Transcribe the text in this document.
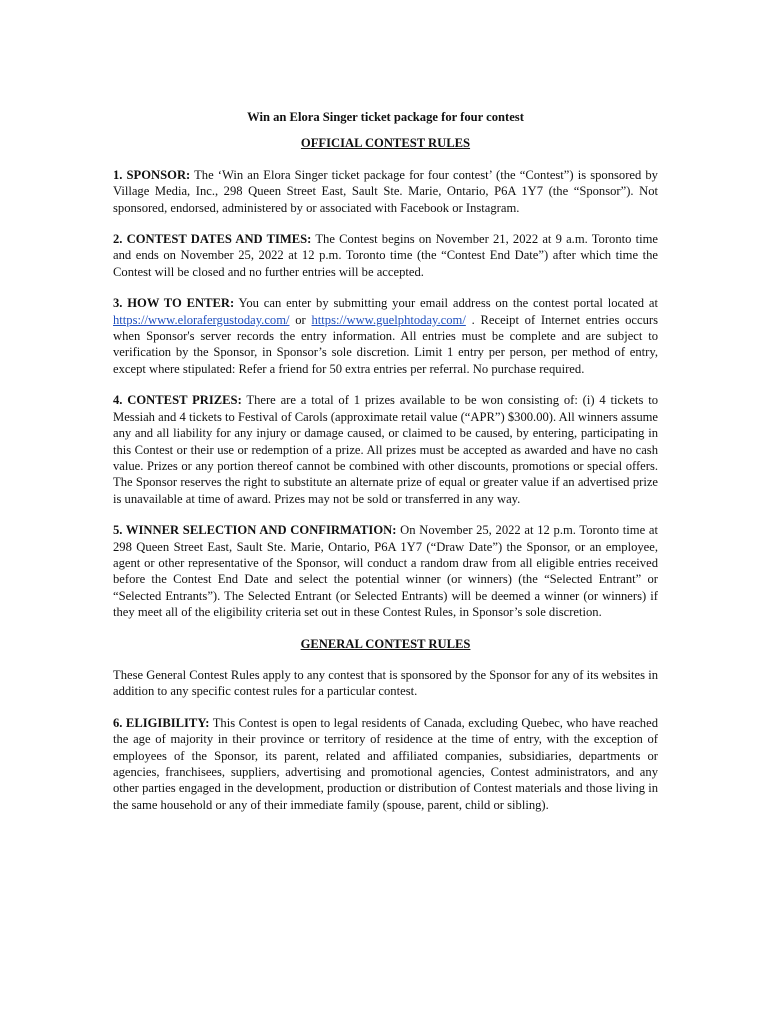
Win an Elora Singer ticket package for four contest
OFFICIAL CONTEST RULES

1. SPONSOR: The ‘Win an Elora Singer ticket package for four contest’ (the “Contest”) is sponsored by Village Media, Inc., 298 Queen Street East, Sault Ste. Marie, Ontario, P6A 1Y7 (the “Sponsor”). Not sponsored, endorsed, administered by or associated with Facebook or Instagram.

2. CONTEST DATES AND TIMES: The Contest begins on November 21, 2022 at 9 a.m. Toronto time and ends on November 25, 2022 at 12 p.m. Toronto time (the “Contest End Date”) after which time the Contest will be closed and no further entries will be accepted.

3. HOW TO ENTER: You can enter by submitting your email address on the contest portal located at https://www.elorafergustoday.com/ or https://www.guelphtoday.com/ . Receipt of Internet entries occurs when Sponsor's server records the entry information. All entries must be complete and are subject to verification by the Sponsor, in Sponsor’s sole discretion. Limit 1 entry per person, per method of entry, except where stipulated: Refer a friend for 50 extra entries per referral. No purchase required.

4. CONTEST PRIZES: There are a total of 1 prizes available to be won consisting of: (i) 4 tickets to Messiah and 4 tickets to Festival of Carols (approximate retail value (“APR”) $300.00). All winners assume any and all liability for any injury or damage caused, or claimed to be caused, by entering, participating in this Contest or their use or redemption of a prize. All prizes must be accepted as awarded and have no cash value. Prizes or any portion thereof cannot be combined with other discounts, promotions or special offers. The Sponsor reserves the right to substitute an alternate prize of equal or greater value if an advertised prize is unavailable at time of award. Prizes may not be sold or transferred in any way.

5. WINNER SELECTION AND CONFIRMATION: On November 25, 2022 at 12 p.m. Toronto time at 298 Queen Street East, Sault Ste. Marie, Ontario, P6A 1Y7 (“Draw Date”) the Sponsor, or an employee, agent or other representative of the Sponsor, will conduct a random draw from all eligible entries received before the Contest End Date and select the potential winner (or winners) (the “Selected Entrant” or “Selected Entrants”). The Selected Entrant (or Selected Entrants) will be deemed a winner (or winners) if they meet all of the eligibility criteria set out in these Contest Rules, in Sponsor’s sole discretion.

GENERAL CONTEST RULES

These General Contest Rules apply to any contest that is sponsored by the Sponsor for any of its websites in addition to any specific contest rules for a particular contest.

6. ELIGIBILITY: This Contest is open to legal residents of Canada, excluding Quebec, who have reached the age of majority in their province or territory of residence at the time of entry, with the exception of employees of the Sponsor, its parent, related and affiliated companies, subsidiaries, departments or agencies, franchisees, suppliers, advertising and promotional agencies, Contest administrators, and any other parties engaged in the development, production or distribution of Contest materials and those living in the same household or any of their immediate family (spouse, parent, child or sibling).
